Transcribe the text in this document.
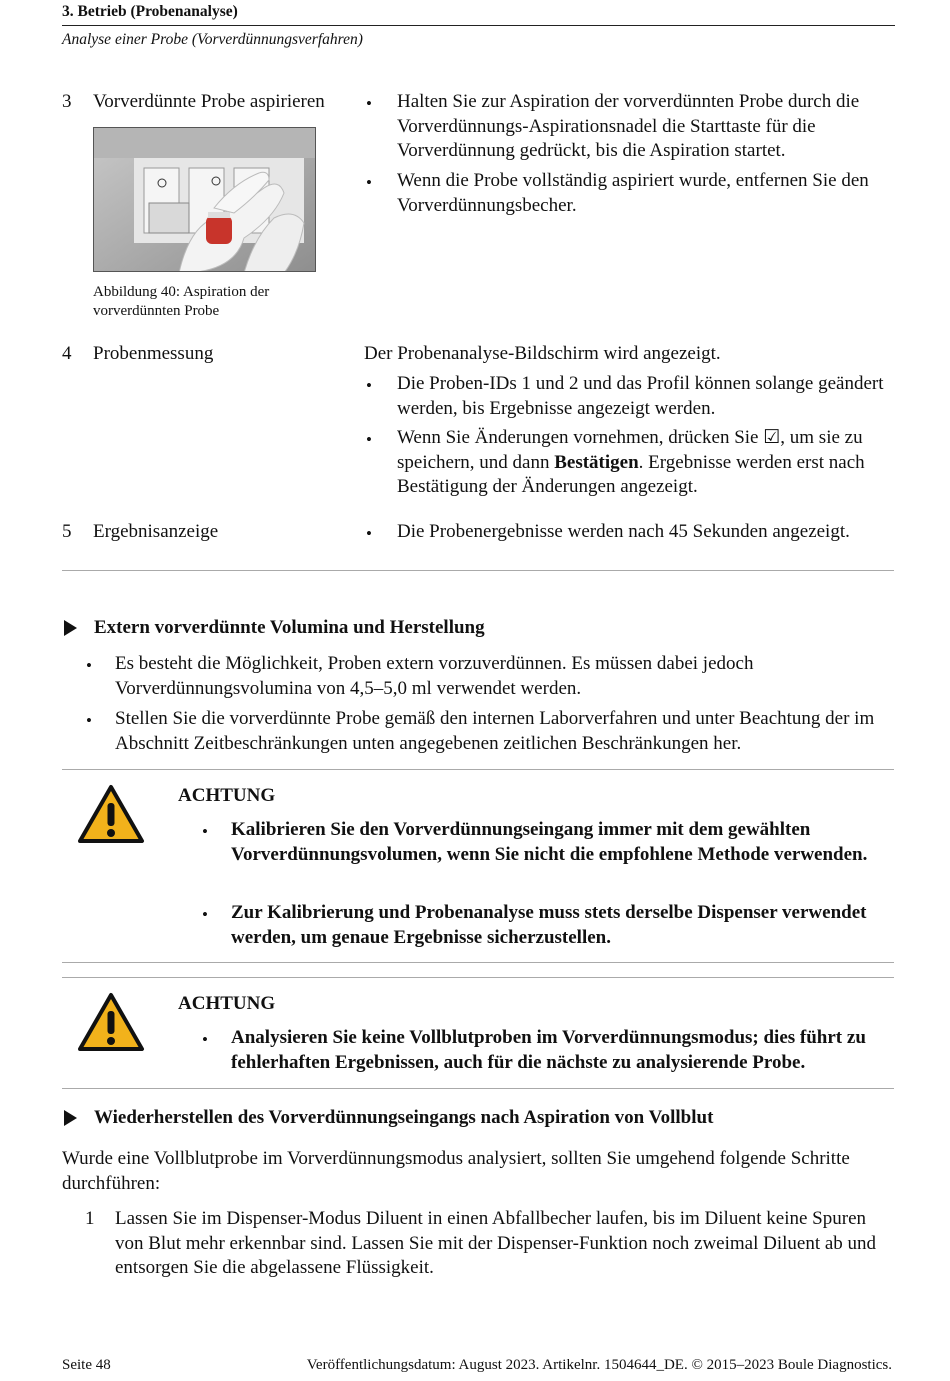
3. Betrieb (Probenanalyse)
Analyse einer Probe (Vorverdünnungsverfahren)
3 Vorverdünnte Probe aspirieren •	Halten Sie zur Aspiration der vorverdünnten Probe durch die Vorverdünnungs-Aspirationsnadel die Starttaste für die Vorverdünnung gedrückt, bis die Aspiration startet.
•
Wenn die Probe vollständig aspiriert wurde, entfernen Sie den Vorverdünnungsbecher.
Abbildung 40: Aspiration der vorverdünnten Probe
4 Probenmessung	Der Probenanalyse-Bildschirm wird angezeigt.
•
Die Proben-IDs 1 und 2 und das Profil können solange geändert werden, bis Ergebnisse angezeigt werden.
•
Wenn Sie Änderungen vornehmen, drücken Sie ☑, um sie zu speichern, und dann Bestätigen. Ergebnisse werden erst nach Bestätigung der Änderungen angezeigt.
5 Ergebnisanzeige •	Die Probenergebnisse werden nach 45 Sekunden angezeigt.
Extern vorverdünnte Volumina und Herstellung
•
Es besteht die Möglichkeit, Proben extern vorzuverdünnen. Es müssen dabei jedoch Vorverdünnungsvolumina von 4,5–5,0 ml verwendet werden.
•
Stellen Sie die vorverdünnte Probe gemäß den internen Laborverfahren und unter Beachtung der im Abschnitt Zeitbeschränkungen unten angegebenen zeitlichen Beschränkungen her.
ACHTUNG
•
Kalibrieren Sie den Vorverdünnungseingang immer mit dem gewählten Vorverdünnungsvolumen, wenn Sie nicht die empfohlene Methode verwenden.
•
Zur Kalibrierung und Probenanalyse muss stets derselbe Dispenser verwendet werden, um genaue Ergebnisse sicherzustellen.
ACHTUNG
•
Analysieren Sie keine Vollblutproben im Vorverdünnungsmodus; dies führt zu fehlerhaften Ergebnissen, auch für die nächste zu analysierende Probe.
Wiederherstellen des Vorverdünnungseingangs nach Aspiration von Vollblut
Wurde eine Vollblutprobe im Vorverdünnungsmodus analysiert, sollten Sie umgehend folgende Schritte durchführen:
1 Lassen Sie im Dispenser-Modus Diluent in einen Abfallbecher laufen, bis im Diluent keine Spuren von Blut mehr erkennbar sind. Lassen Sie mit der Dispenser-Funktion noch zweimal Diluent ab und entsorgen Sie die abgelassene Flüssigkeit.
Seite 48	Veröffentlichungsdatum: August 2023. Artikelnr. 1504644_DE. © 2015–2023 Boule Diagnostics.
